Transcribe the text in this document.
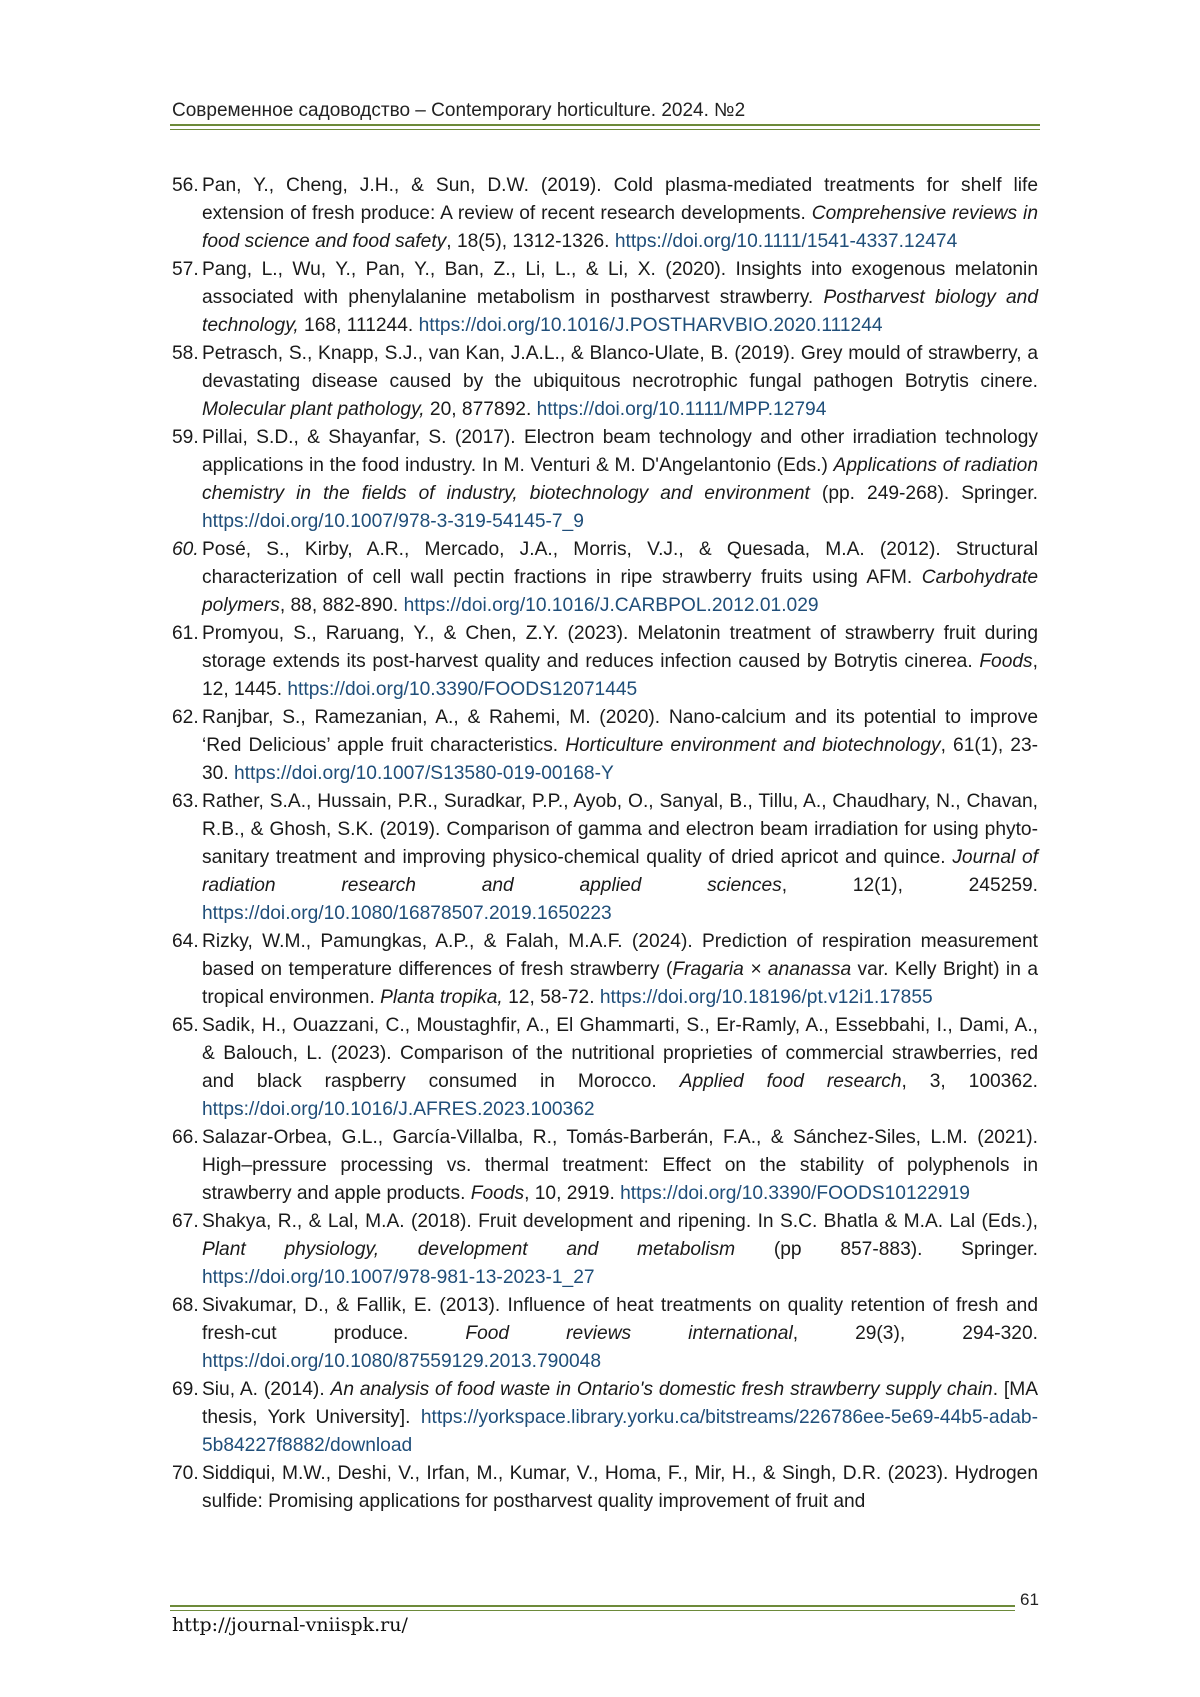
Современное садоводство – Contemporary horticulture. 2024. №2
56. Pan, Y., Cheng, J.H., & Sun, D.W. (2019). Cold plasma-mediated treatments for shelf life extension of fresh produce: A review of recent research developments. Comprehensive reviews in food science and food safety, 18(5), 1312-1326. https://doi.org/10.1111/1541-4337.12474
57. Pang, L., Wu, Y., Pan, Y., Ban, Z., Li, L., & Li, X. (2020). Insights into exogenous melatonin associated with phenylalanine metabolism in postharvest strawberry. Postharvest biology and technology, 168, 111244. https://doi.org/10.1016/J.POSTHARVBIO.2020.111244
58. Petrasch, S., Knapp, S.J., van Kan, J.A.L., & Blanco-Ulate, B. (2019). Grey mould of strawberry, a devastating disease caused by the ubiquitous necrotrophic fungal pathogen Botrytis cinere. Molecular plant pathology, 20, 877892. https://doi.org/10.1111/MPP.12794
59. Pillai, S.D., & Shayanfar, S. (2017). Electron beam technology and other irradiation technology applications in the food industry. In M. Venturi & M. D'Angelantonio (Eds.) Applications of radiation chemistry in the fields of industry, biotechnology and environment (pp. 249-268). Springer. https://doi.org/10.1007/978-3-319-54145-7_9
60. Posé, S., Kirby, A.R., Mercado, J.A., Morris, V.J., & Quesada, M.A. (2012). Structural characterization of cell wall pectin fractions in ripe strawberry fruits using AFM. Carbohydrate polymers, 88, 882-890. https://doi.org/10.1016/J.CARBPOL.2012.01.029
61. Promyou, S., Raruang, Y., & Chen, Z.Y. (2023). Melatonin treatment of strawberry fruit during storage extends its post-harvest quality and reduces infection caused by Botrytis cinerea. Foods, 12, 1445. https://doi.org/10.3390/FOODS12071445
62. Ranjbar, S., Ramezanian, A., & Rahemi, M. (2020). Nano-calcium and its potential to improve ‘Red Delicious’ apple fruit characteristics. Horticulture environment and biotechnology, 61(1), 23-30. https://doi.org/10.1007/S13580-019-00168-Y
63. Rather, S.A., Hussain, P.R., Suradkar, P.P., Ayob, O., Sanyal, B., Tillu, A., Chaudhary, N., Chavan, R.B., & Ghosh, S.K. (2019). Comparison of gamma and electron beam irradiation for using phyto-sanitary treatment and improving physico-chemical quality of dried apricot and quince. Journal of radiation research and applied sciences, 12(1), 245259. https://doi.org/10.1080/16878507.2019.1650223
64. Rizky, W.M., Pamungkas, A.P., & Falah, M.A.F. (2024). Prediction of respiration measurement based on temperature differences of fresh strawberry (Fragaria × ananassa var. Kelly Bright) in a tropical environmen. Planta tropika, 12, 58-72. https://doi.org/10.18196/pt.v12i1.17855
65. Sadik, H., Ouazzani, C., Moustaghfir, A., El Ghammarti, S., Er-Ramly, A., Essebbahi, I., Dami, A., & Balouch, L. (2023). Comparison of the nutritional proprieties of commercial strawberries, red and black raspberry consumed in Morocco. Applied food research, 3, 100362. https://doi.org/10.1016/J.AFRES.2023.100362
66. Salazar-Orbea, G.L., García-Villalba, R., Tomás-Barberán, F.A., & Sánchez-Siles, L.M. (2021). High–pressure processing vs. thermal treatment: Effect on the stability of polyphenols in strawberry and apple products. Foods, 10, 2919. https://doi.org/10.3390/FOODS10122919
67. Shakya, R., & Lal, M.A. (2018). Fruit development and ripening. In S.C. Bhatla & M.A. Lal (Eds.), Plant physiology, development and metabolism (pp 857-883). Springer. https://doi.org/10.1007/978-981-13-2023-1_27
68. Sivakumar, D., & Fallik, E. (2013). Influence of heat treatments on quality retention of fresh and fresh-cut produce. Food reviews international, 29(3), 294-320. https://doi.org/10.1080/87559129.2013.790048
69. Siu, A. (2014). An analysis of food waste in Ontario's domestic fresh strawberry supply chain. [MA thesis, York University]. https://yorkspace.library.yorku.ca/bitstreams/226786ee-5e69-44b5-adab-5b84227f8882/download
70. Siddiqui, M.W., Deshi, V., Irfan, M., Kumar, V., Homa, F., Mir, H., & Singh, D.R. (2023). Hydrogen sulfide: Promising applications for postharvest quality improvement of fruit and
61
http://journal-vniispk.ru/
